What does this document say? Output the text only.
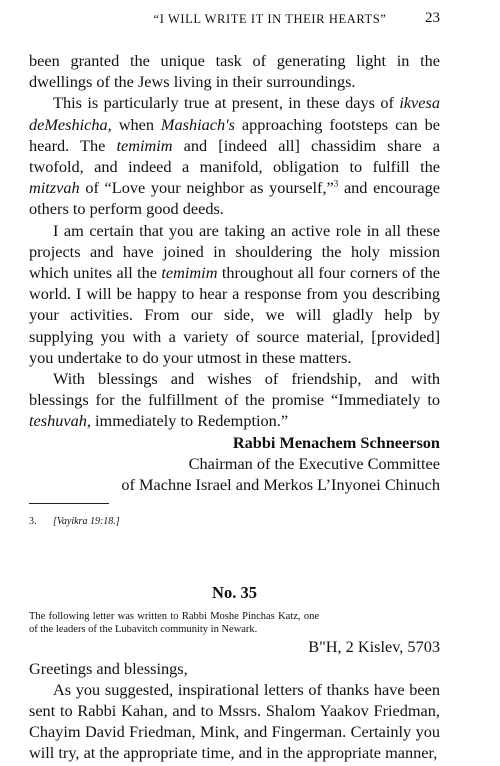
“I WILL WRITE IT IN THEIR HEARTS”	23

been granted the unique task of generating light in the dwellings of the Jews living in their surroundings.

This is particularly true at present, in these days of ikvesa deMeshicha, when Mashiach's approaching footsteps can be heard. The temimim and [indeed all] chassidim share a twofold, and indeed a manifold, obligation to fulfill the mitzvah of “Love your neighbor as yourself,”$^3$ and encourage others to perform good deeds.

I am certain that you are taking an active role in all these projects and have joined in shouldering the holy mission which unites all the temimim throughout all four corners of the world. I will be happy to hear a response from you describing your activities. From our side, we will gladly help by supplying you with a variety of source material, [provided] you undertake to do your utmost in these matters.

With blessings and wishes of friendship, and with blessings for the fulfillment of the promise “Immediately to teshuvah, immediately to Redemption.”

Rabbi Menachem Schneerson

Chairman of the Executive Committee

of Machne Israel and Merkos L’Inyonei Chinuch

3. [Vayikra 19:18.]
No. 35

The following letter was written to Rabbi Moshe Pinchas Katz, one of the leaders of the Lubavitch community in Newark.

B"H, 2 Kislev, 5703

Greetings and blessings,

As you suggested, inspirational letters of thanks have been sent to Rabbi Kahan, and to Mssrs. Shalom Yaakov Friedman, Chayim David Friedman, Mink, and Fingerman. Certainly you will try, at the appropriate time, and in the appropriate manner,
